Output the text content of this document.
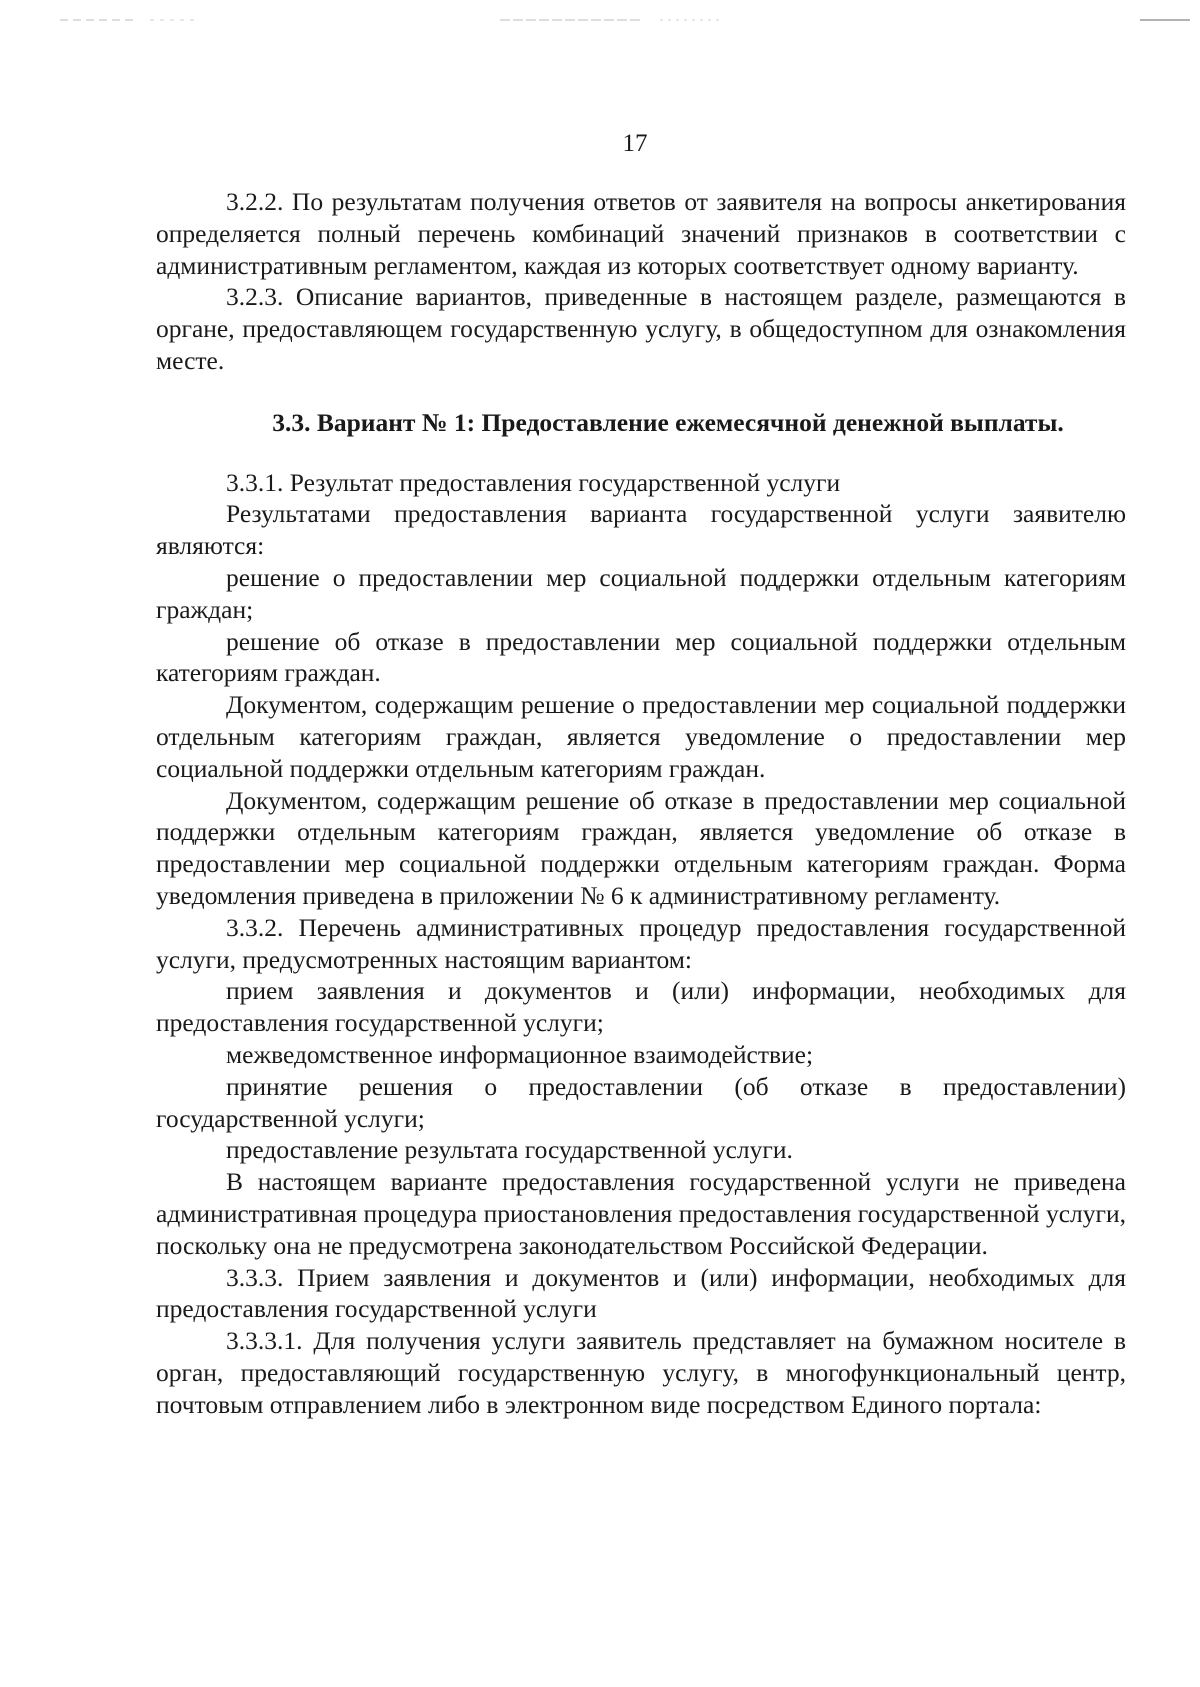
17

3.2.2. По результатам получения ответов от заявителя на вопросы анкетирования определяется полный перечень комбинаций значений признаков в соответствии с административным регламентом, каждая из которых соответствует одному варианту.

3.2.3. Описание вариантов, приведенные в настоящем разделе, размещаются в органе, предоставляющем государственную услугу, в общедоступном для ознакомления месте.

3.3. Вариант № 1: Предоставление ежемесячной денежной выплаты.

3.3.1. Результат предоставления государственной услуги

Результатами предоставления варианта государственной услуги заявителю являются:

решение о предоставлении мер социальной поддержки отдельным категориям граждан;

решение об отказе в предоставлении мер социальной поддержки отдельным категориям граждан.

Документом, содержащим решение о предоставлении мер социальной поддержки отдельным категориям граждан, является уведомление о предоставлении мер социальной поддержки отдельным категориям граждан.

Документом, содержащим решение об отказе в предоставлении мер социальной поддержки отдельным категориям граждан, является уведомление об отказе в предоставлении мер социальной поддержки отдельным категориям граждан. Форма уведомления приведена в приложении № 6 к административному регламенту.

3.3.2. Перечень административных процедур предоставления государственной услуги, предусмотренных настоящим вариантом:

прием заявления и документов и (или) информации, необходимых для предоставления государственной услуги;

межведомственное информационное взаимодействие;

принятие решения о предоставлении (об отказе в предоставлении) государственной услуги;

предоставление результата государственной услуги.

В настоящем варианте предоставления государственной услуги не приведена административная процедура приостановления предоставления государственной услуги, поскольку она не предусмотрена законодательством Российской Федерации.

3.3.3. Прием заявления и документов и (или) информации, необходимых для предоставления государственной услуги

3.3.3.1. Для получения услуги заявитель представляет на бумажном носителе в орган, предоставляющий государственную услугу, в многофункциональный центр, почтовым отправлением либо в электронном виде посредством Единого портала:
